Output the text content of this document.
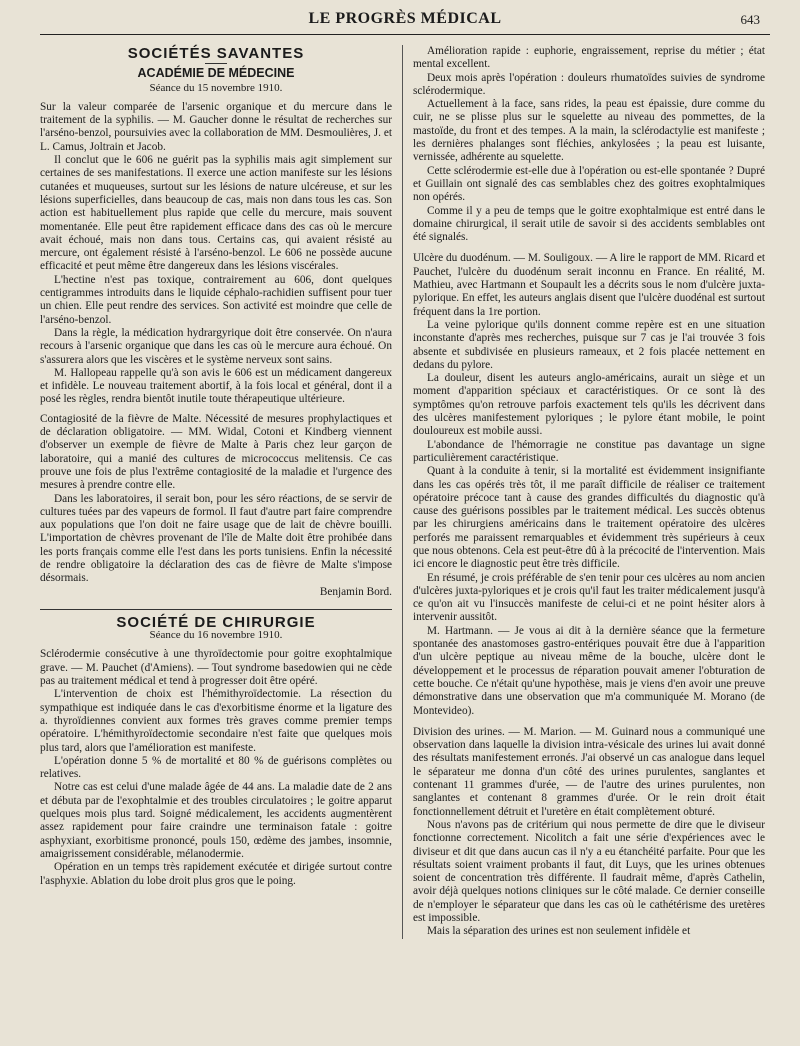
LE PROGRÈS MÉDICAL	643
SOCIÉTÉS SAVANTES
ACADÉMIE DE MÉDECINE
Séance du 15 novembre 1910.

Sur la valeur comparée de l'arsenic organique et du mercure dans le traitement de la syphilis. — M. Gaucher donne le résultat de recherches sur l'arséno-benzol, poursuivies avec la collaboration de MM. Desmoulières, J. et L. Camus, Joltrain et Jacob.

Il conclut que le 606 ne guérit pas la syphilis mais agit simplement sur certaines de ses manifestations. Il exerce une action manifeste sur les lésions cutanées et muqueuses, surtout sur les lésions de nature ulcéreuse, et sur les lésions superficielles, dans beaucoup de cas, mais non dans tous les cas. Son action est habituellement plus rapide que celle du mercure, mais souvent momentanée. Elle peut être rapidement efficace dans des cas où le mercure avait échoué, mais non dans tous. Certains cas, qui avaient résisté au mercure, ont également résisté à l'arséno-benzol. Le 606 ne possède aucune efficacité et peut même être dangereux dans les lésions viscérales.

L'hectine n'est pas toxique, contrairement au 606, dont quelques centigrammes introduits dans le liquide céphalo-rachidien suffisent pour tuer un chien. Elle peut rendre des services. Son activité est moindre que celle de l'arséno-benzol.

Dans la règle, la médication hydrargyrique doit être conservée. On n'aura recours à l'arsenic organique que dans les cas où le mercure aura échoué. On s'assurera alors que les viscères et le système nerveux sont sains.

M. Hallopeau rappelle qu'à son avis le 606 est un médicament dangereux et infidèle. Le nouveau traitement abortif, à la fois local et général, dont il a posé les règles, rendra bientôt inutile toute thérapeutique ultérieure.

Contagiosité de la fièvre de Malte. Nécessité de mesures prophylactiques et de déclaration obligatoire. — MM. Widal, Cotoni et Kindberg viennent d'observer un exemple de fièvre de Malte à Paris chez leur garçon de laboratoire, qui a manié des cultures de micrococcus melitensis. Ce cas prouve une fois de plus l'extrême contagiosité de la maladie et l'urgence des mesures à prendre contre elle.

Dans les laboratoires, il serait bon, pour les séro réactions, de se servir de cultures tuées par des vapeurs de formol. Il faut d'autre part faire comprendre aux populations que l'on doit ne faire usage que de lait de chèvre bouilli. L'importation de chèvres provenant de l'île de Malte doit être prohibée dans les ports français comme elle l'est dans les ports tunisiens. Enfin la nécessité de rendre obligatoire la déclaration des cas de fièvre de Malte s'impose désormais.

Benjamin Bord.

SOCIÉTÉ DE CHIRURGIE
Séance du 16 novembre 1910.

Sclérodermie consécutive à une thyroïdectomie pour goitre exophtalmique grave. — M. Pauchet (d'Amiens). — Tout syndrome basedowien qui ne cède pas au traitement médical et tend à progresser doit être opéré.

L'intervention de choix est l'hémithyroïdectomie. La résection du sympathique est indiquée dans le cas d'exorbitisme énorme et la ligature des a. thyroïdiennes convient aux formes très graves comme premier temps opératoire. L'hémithyroïdectomie secondaire n'est faite que quelques mois plus tard, alors que l'amélioration est manifeste.

L'opération donne 5 % de mortalité et 80 % de guérisons complètes ou relatives.

Notre cas est celui d'une malade âgée de 44 ans. La maladie date de 2 ans et débuta par de l'exophtalmie et des troubles circulatoires ; le goitre apparut quelques mois plus tard. Soigné médicalement, les accidents augmentèrent assez rapidement pour faire craindre une terminaison fatale : goitre asphyxiant, exorbitisme prononcé, pouls 150, œdème des jambes, insomnie, amaigrissement considérable, mélanodermie.

Opération en un temps très rapidement exécutée et dirigée surtout contre l'asphyxie. Ablation du lobe droit plus gros que le poing.

Amélioration rapide : euphorie, engraissement, reprise du métier ; état mental excellent.

Deux mois après l'opération : douleurs rhumatoïdes suivies de syndrome sclérodermique.

Actuellement à la face, sans rides, la peau est épaissie, dure comme du cuir, ne se plisse plus sur le squelette au niveau des pommettes, de la mastoïde, du front et des tempes. A la main, la sclérodactylie est manifeste ; les dernières phalanges sont fléchies, ankylosées ; la peau est luisante, vernissée, adhérente au squelette.

Cette sclérodermie est-elle due à l'opération ou est-elle spontanée ? Dupré et Guillain ont signalé des cas semblables chez des goitres exophtalmiques non opérés.

Comme il y a peu de temps que le goitre exophtalmique est entré dans le domaine chirurgical, il serait utile de savoir si des accidents semblables ont été signalés.

Ulcère du duodénum. — M. Souligoux. — A lire le rapport de MM. Ricard et Pauchet, l'ulcère du duodénum serait inconnu en France. En réalité, M. Mathieu, avec Hartmann et Soupault les a décrits sous le nom d'ulcère juxta-pylorique. En effet, les auteurs anglais disent que l'ulcère duodénal est surtout fréquent dans la 1re portion.

La veine pylorique qu'ils donnent comme repère est en une situation inconstante d'après mes recherches, puisque sur 7 cas je l'ai trouvée 3 fois absente et subdivisée en plusieurs rameaux, et 2 fois placée nettement en dedans du pylore.

La douleur, disent les auteurs anglo-américains, aurait un siège et un moment d'apparition spéciaux et caractéristiques. Or ce sont là des symptômes qu'on retrouve parfois exactement tels qu'ils les décrivent dans des ulcères manifestement pyloriques ; le pylore étant mobile, le point douloureux est mobile aussi.

L'abondance de l'hémorragie ne constitue pas davantage un signe particulièrement caractéristique.

Quant à la conduite à tenir, si la mortalité est évidemment insignifiante dans les cas opérés très tôt, il me paraît difficile de réaliser ce traitement opératoire précoce tant à cause des grandes difficultés du diagnostic qu'à cause des guérisons possibles par le traitement médical. Les succès obtenus par les chirurgiens américains dans le traitement opératoire des ulcères perforés me paraissent remarquables et évidemment très supérieurs à ceux que nous obtenons. Cela est peut-être dû à la précocité de l'intervention. Mais ici encore le diagnostic peut être très difficile.

En résumé, je crois préférable de s'en tenir pour ces ulcères au nom ancien d'ulcères juxta-pyloriques et je crois qu'il faut les traiter médicalement jusqu'à ce qu'on ait vu l'insuccès manifeste de celui-ci et ne point hésiter alors à intervenir aussitôt.

M. Hartmann. — Je vous ai dit à la dernière séance que la fermeture spontanée des anastomoses gastro-entériques pouvait être due à l'apparition d'un ulcère peptique au niveau même de la bouche, ulcère dont le développement et le processus de réparation pouvait amener l'obturation de cette bouche. Ce n'était qu'une hypothèse, mais je viens d'en avoir une preuve démonstrative dans une observation que m'a communiquée M. Morano (de Montevideo).

Division des urines. — M. Marion. — M. Guinard nous a communiqué une observation dans laquelle la division intra-vésicale des urines lui avait donné des résultats manifestement erronés. J'ai observé un cas analogue dans lequel le séparateur me donna d'un côté des urines purulentes, sanglantes et contenant 11 grammes d'urée, — de l'autre des urines purulentes, non sanglantes et contenant 8 grammes d'urée. Or le rein droit était fonctionnellement détruit et l'uretère en était complètement obturé.

Nous n'avons pas de critérium qui nous permette de dire que le diviseur fonctionne correctement. Nicolitch a fait une série d'expériences avec le diviseur et dit que dans aucun cas il n'y a eu étanchéité parfaite. Pour que les résultats soient vraiment probants il faut, dit Luys, que les urines obtenues soient de concentration très différente. Il faudrait même, d'après Cathelin, avoir déjà quelques notions cliniques sur le côté malade. Ce dernier conseille de n'employer le séparateur que dans les cas où le cathétérisme des uretères est impossible.

Mais la séparation des urines est non seulement infidèle et
